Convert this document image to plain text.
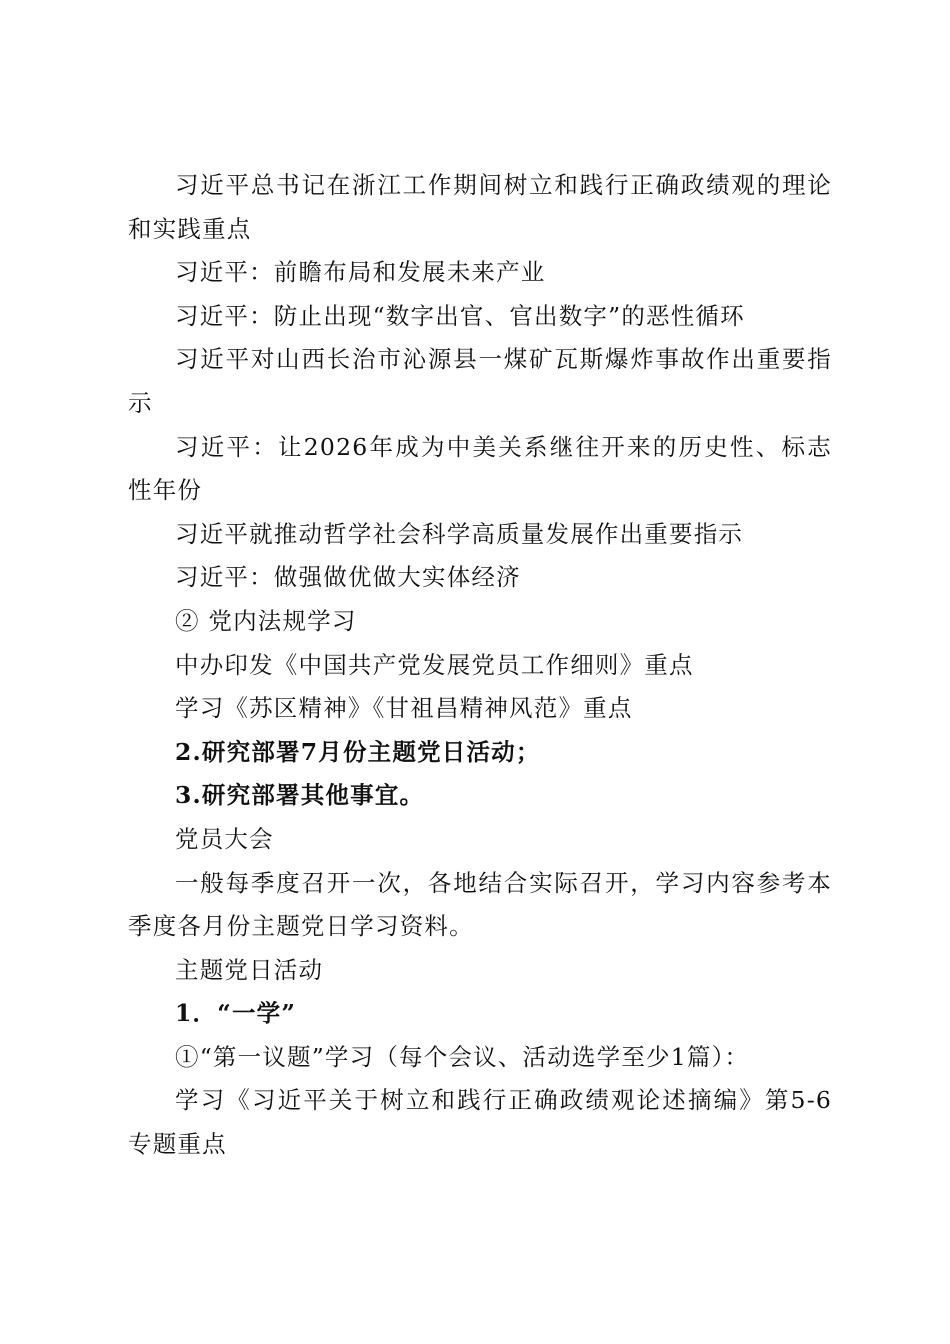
习近平总书记在浙江工作期间树立和践行正确政绩观的理论和实践重点

习近平：前瞻布局和发展未来产业

习近平：防止出现“数字出官、官出数字”的恶性循环

习近平对山西长治市沁源县一煤矿瓦斯爆炸事故作出重要指示

习近平：让2026年成为中美关系继往开来的历史性、标志性年份

习近平就推动哲学社会科学高质量发展作出重要指示

习近平：做强做优做大实体经济

② 党内法规学习

中办印发《中国共产党发展党员工作细则》重点

学习《苏区精神》《甘祖昌精神风范》重点

2.研究部署7月份主题党日活动；

3.研究部署其他事宜。

党员大会

一般每季度召开一次，各地结合实际召开，学习内容参考本季度各月份主题党日学习资料。

主题党日活动

1．“一学”

①“第一议题”学习（每个会议、活动选学至少1篇）：

学习《习近平关于树立和践行正确政绩观论述摘编》第5-6专题重点
